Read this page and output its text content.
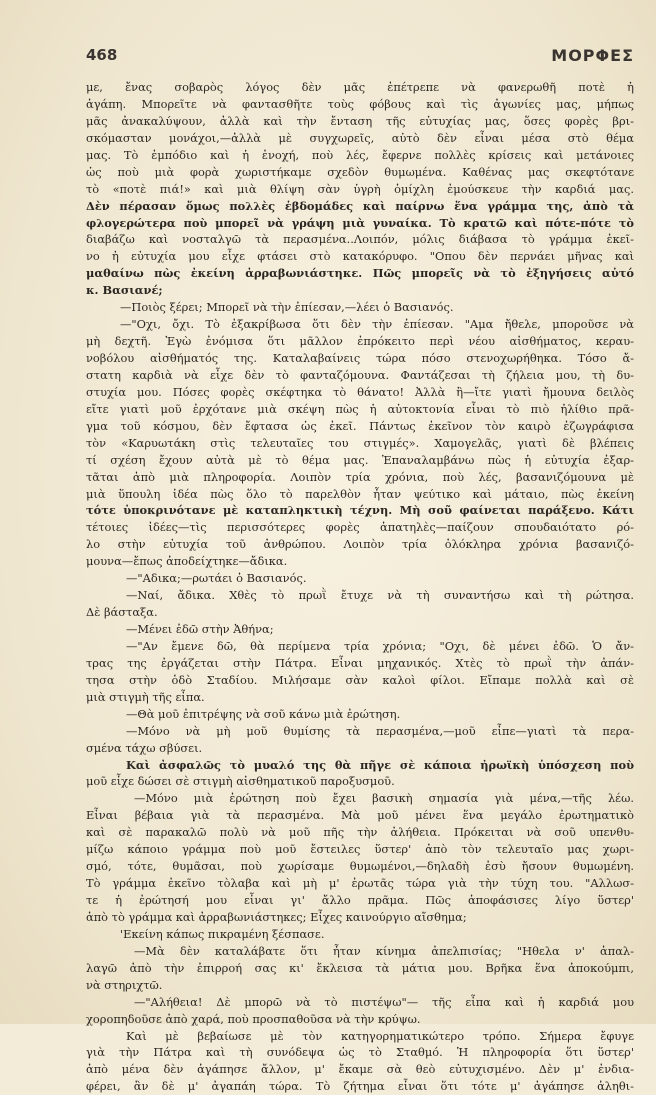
468	ΜΟΡΦΕΣ
με, ἔνας σοβαρὸς λόγος δὲν μᾶς ἐπέτρεπε νὰ φανερωθῆ ποτὲ ἡ
ἀγάπη. Μπορεῖτε νὰ φαντασθῆτε τοὺς φόβους καὶ τὶς ἀγωνίες μας, μήπως
μᾶς ἀνακαλύψουν, ἀλλὰ καὶ τὴν ἔνταση τῆς εὐτυχίας μας, ὅσες φορὲς βρι-
σκόμασταν μονάχοι,—ἀλλὰ μὲ συγχωρεῖς, αὐτὸ δὲν εἶναι μέσα στὸ θέμα
μας. Τὸ ἐμπόδιο καὶ ἡ ἐνοχή, ποὺ λές, ἔφερνε πολλὲς κρίσεις καὶ μετάνοιες
ὡς ποὺ μιὰ φορὰ χωριστήκαμε σχεδὸν θυμωμένα. Καθένας μας σκεφτότανε
τὸ «ποτὲ πιά!» καὶ μιὰ θλίψη σὰν ὑγρὴ ὁμίχλη ἐμούσκευε τὴν καρδιά μας.
Δὲν πέρασαν ὅμως πολλὲς ἑβδομάδες καὶ παίρνω ἕνα γράμμα της, ἀπὸ τὰ
φλογερώτερα ποὺ μπορεῖ νὰ γράψη μιὰ γυναίκα. Τὸ κρατῶ καὶ πότε-πότε τὸ
διαβάζω καὶ νοσταλγῶ τὰ περασμένα..Λοιπόν, μόλις διάβασα τὸ γράμμα ἐκεῖ-
νο ἡ εὐτυχία μου εἶχε φτάσει στὸ κατακόρυφο. "Οπου δὲν περνάει μῆνας καὶ
μαθαίνω πὼς ἐκείνη ἀρραβωνιάστηκε. Πῶς μπορεῖς νὰ τὸ ἐξηγήσεις αὐτό
κ. Βασιανέ;
—Ποιὸς ξέρει; Μπορεῖ νὰ τὴν ἐπίεσαν,—λέει ὁ Βασιανός.
—"Οχι, ὄχι. Τὸ ἐξακρίβωσα ὅτι δὲν τὴν ἐπίεσαν. "Αμα ἤθελε, μποροῦσε νὰ
μὴ δεχτῆ. Ἐγὼ ἐνόμισα ὅτι μᾶλλον ἐπρόκειτο περὶ νέου αἰσθήματος, κεραυ-
νοβόλου αἰσθήματός της. Καταλαβαίνεις τώρα πόσο στενοχωρήθηκα. Τόσο ἄ-
στατη καρδιὰ νὰ εἶχε δὲν τὸ φανταζόμουνα. Φαντάζεσαι τὴ ζήλεια μου, τὴ δυ-
στυχία μου. Πόσες φορὲς σκέφτηκα τὸ θάνατο! Ἀλλὰ ἢ—ἴτε γιατὶ ἤμουνα δειλὸς
εἴτε γιατὶ μοῦ ἐρχότανε μιὰ σκέψη πὼς ἡ αὐτοκτονία εἶναι τὸ πιὸ ἠλίθιο πρᾶ-
γμα τοῦ κόσμου, δὲν ἔφτασα ὡς ἐκεῖ. Πάντως ἐκεῖνον τὸν καιρὸ ἐζωγράφισα
τὸν «Καρυωτάκη στὶς τελευταῖες του στιγμές». Χαμογελᾶς, γιατὶ δὲ βλέπεις
τί σχέση ἔχουν αὐτὰ μὲ τὸ θέμα μας. Ἐπαναλαμβάνω πὼς ἡ εὐτυχία ἐξαρ-
τᾶται ἀπὸ μιὰ πληροφορία. Λοιπὸν τρία χρόνια, ποὺ λές, βασανιζόμουνα μὲ
μιὰ ὕπουλη ἰδέα πὼς ὅλο τὸ παρελθὸν ἦταν ψεύτικο καὶ μάταιο, πὼς ἐκείνη
τότε ὑποκρινότανε μὲ καταπληκτικὴ τέχνη. Μὴ σοῦ φαίνεται παράξενο. Κάτι
τέτοιες ἰδέες—τὶς περισσότερες φορὲς ἀπατηλὲς—παίζουν σπουδαιότατο ρό-
λο στὴν εὐτυχία τοῦ ἀνθρώπου. Λοιπὸν τρία ὁλόκληρα χρόνια βασανιζό-
μουνα—ἔπως ἀποδείχτηκε—ἄδικα.
—"Αδικα;—ρωτάει ὁ Βασιανός.
—Ναί, ἄδικα. Χθὲς τὸ πρωῒ ἔτυχε νὰ τὴ συναντήσω καὶ τὴ ρώτησα.
Δὲ βάσταξα.
—Μένει ἐδῶ στὴν Ἀθήνα;
—"Αν ἔμενε δῶ, θὰ περίμενα τρία χρόνια; "Οχι, δὲ μένει ἐδῶ. Ὁ ἄν-
τρας της ἐργάζεται στὴν Πάτρα. Εἶναι μηχανικός. Χτὲς τὸ πρωῒ τὴν ἀπάν-
τησα στὴν ὁδὸ Σταδίου. Μιλήσαμε σὰν καλοὶ φίλοι. Εἴπαμε πολλὰ καὶ σὲ
μιὰ στιγμὴ τῆς εἶπα.
—Θὰ μοῦ ἐπιτρέψης νὰ σοῦ κάνω μιὰ ἐρώτηση.
—Μόνο νὰ μὴ μοῦ θυμίσης τὰ περασμένα,—μοῦ εἶπε—γιατὶ τὰ περα-
σμένα τάχω σβύσει.
Καὶ ἀσφαλῶς τὸ μυαλό της θὰ πῆγε σὲ κάποια ἠρωϊκὴ ὑπόσχεση ποὺ
μοῦ εἶχε δώσει σὲ στιγμὴ αἰσθηματικοῦ παροξυσμοῦ.
—Μόνο μιὰ ἐρώτηση ποὺ ἔχει βασικὴ σημασία γιὰ μένα,—τῆς λέω.
Εἶναι βέβαια γιὰ τὰ περασμένα. Μὰ μοῦ μένει ἕνα μεγάλο ἐρωτηματικὸ
καὶ σὲ παρακαλῶ πολὺ νὰ μοῦ πῆς τὴν ἀλήθεια. Πρόκειται νὰ σοῦ υπενθυ-
μίζω κάποιο γράμμα ποὺ μοῦ ἔστειλες ὕστερ' ἀπὸ τὸν τελευταῖο μας χωρι-
σμό, τότε, θυμᾶσαι, ποὺ χωρίσαμε θυμωμένοι,—δηλαδὴ ἐσὺ ἤσουν θυμωμένη.
Τὸ γράμμα ἐκεῖνο τὸλαβα καὶ μὴ μ' ἐρωτᾶς τώρα γιὰ τὴν τύχη του. "Αλλωσ-
τε ἡ ἐρώτησή μου εἶναι γι' ἄλλο πρᾶμα. Πῶς ἀποφάσισες λίγο ὕστερ'
ἀπὸ τὸ γράμμα καὶ ἀρραβωνιάστηκες; Εἶχες καινούργιο αἴσθημα;
'Εκείνη κάπως πικραμένη ξέσπασε.
—Μὰ δὲν καταλάβατε ὅτι ἦταν κίνημα ἀπελπισίας; "Ηθελα ν' ἀπαλ-
λαγῶ ἀπὸ τὴν ἐπιρροή σας κι' ἔκλεισα τὰ μάτια μου. Βρῆκα ἕνα ἀποκούμπι,
νὰ στηριχτῶ.
—"Αλήθεια! Δὲ μπορῶ νὰ τὸ πιστέψω"— τῆς εἶπα καὶ ἡ καρδιά μου
χοροπηδοῦσε ἀπὸ χαρά, ποὺ προσπαθοῦσα νὰ τὴν κρύψω.
Καὶ μὲ βεβαίωσε μὲ τὸν κατηγορηματικώτερο τρόπο. Σήμερα ἔφυγε
γιὰ τὴν Πάτρα καὶ τὴ συνόδεψα ὡς τὸ Σταθμό. Ἡ πληροφορία ὅτι ὕστερ'
ἀπὸ μένα δὲν ἀγάπησε ἄλλον, μ' ἔκαμε σὰ θεὸ εὐτυχισμένο. Δὲν μ' ἐνδια-
φέρει, ἂν δὲ μ' ἀγαπάη τώρα. Τὸ ζήτημα εἶναι ὅτι τότε μ' ἀγάπησε ἀληθι-
